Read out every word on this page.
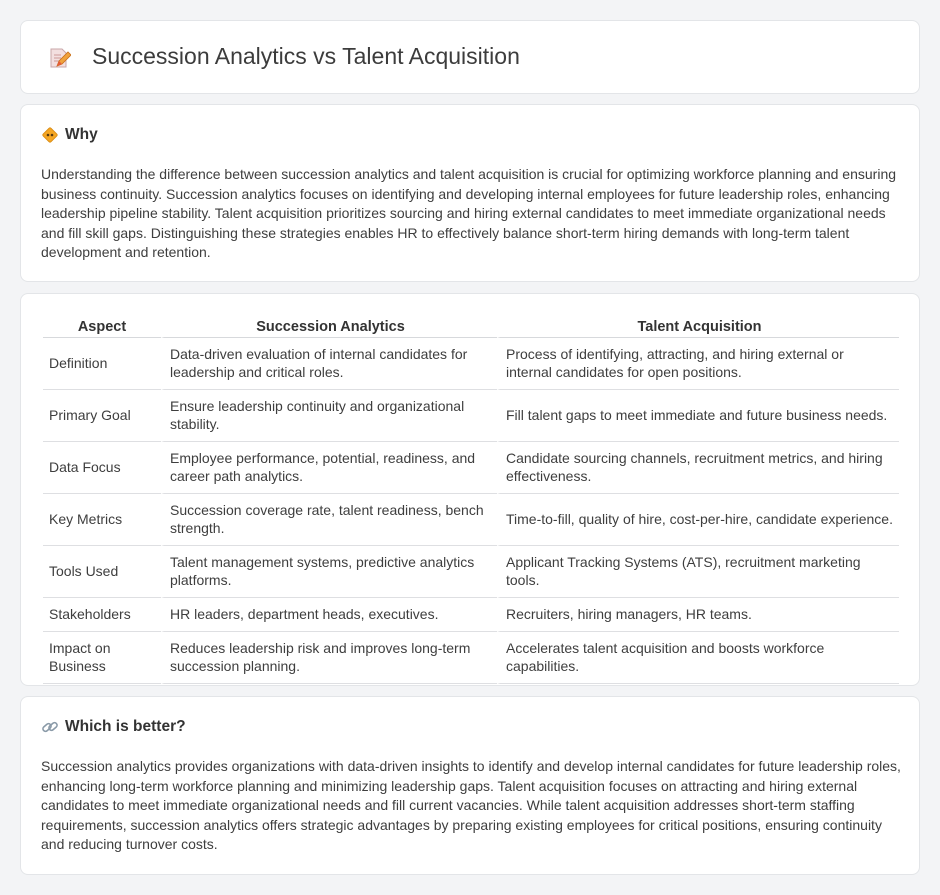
Succession Analytics vs Talent Acquisition
Why

Understanding the difference between succession analytics and talent acquisition is crucial for optimizing workforce planning and ensuring business continuity. Succession analytics focuses on identifying and developing internal employees for future leadership roles, enhancing leadership pipeline stability. Talent acquisition prioritizes sourcing and hiring external candidates to meet immediate organizational needs and fill skill gaps. Distinguishing these strategies enables HR to effectively balance short-term hiring demands with long-term talent development and retention.

Aspect	Succession Analytics	Talent Acquisition
Definition	Data-driven evaluation of internal candidates for leadership and critical roles.	Process of identifying, attracting, and hiring external or internal candidates for open positions.
Primary Goal	Ensure leadership continuity and organizational stability.	Fill talent gaps to meet immediate and future business needs.
Data Focus	Employee performance, potential, readiness, and career path analytics.	Candidate sourcing channels, recruitment metrics, and hiring effectiveness.
Key Metrics	Succession coverage rate, talent readiness, bench strength.	Time-to-fill, quality of hire, cost-per-hire, candidate experience.
Tools Used	Talent management systems, predictive analytics platforms.	Applicant Tracking Systems (ATS), recruitment marketing tools.
Stakeholders	HR leaders, department heads, executives.	Recruiters, hiring managers, HR teams.
Impact on Business	Reduces leadership risk and improves long-term succession planning.	Accelerates talent acquisition and boosts workforce capabilities.
Which is better?

Succession analytics provides organizations with data-driven insights to identify and develop internal candidates for future leadership roles, enhancing long-term workforce planning and minimizing leadership gaps. Talent acquisition focuses on attracting and hiring external candidates to meet immediate organizational needs and fill current vacancies. While talent acquisition addresses short-term staffing requirements, succession analytics offers strategic advantages by preparing existing employees for critical positions, ensuring continuity and reducing turnover costs.
